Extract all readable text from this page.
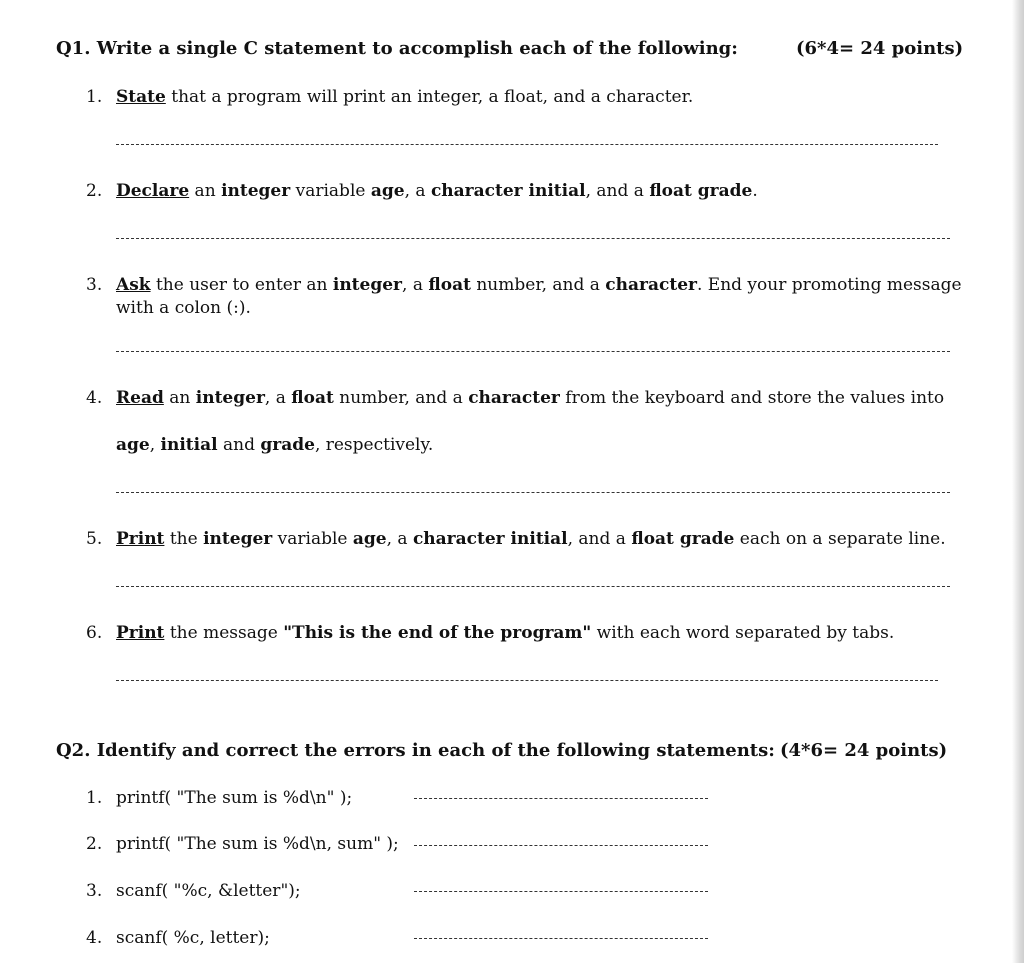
Q1. Write a single C statement to accomplish each of the following:	(6*4= 24 points)
1. State that a program will print an integer, a float, and a character.
2. Declare an integer variable age, a character initial, and a float grade.
3. Ask the user to enter an integer, a float number, and a character. End your promoting message
with a colon (:).
4. Read an integer, a float number, and a character from the keyboard and store the values into
age, initial and grade, respectively.
5. Print the integer variable age, a character initial, and a float grade each on a separate line.
6. Print the message "This is the end of the program" with each word separated by tabs.
Q2. Identify and correct the errors in each of the following statements: (4*6= 24 points)
1. printf( "The sum is %d\n" );
2. printf( "The sum is %d\n, sum" );
3. scanf( "%c, &letter");
4. scanf( %c, letter);
